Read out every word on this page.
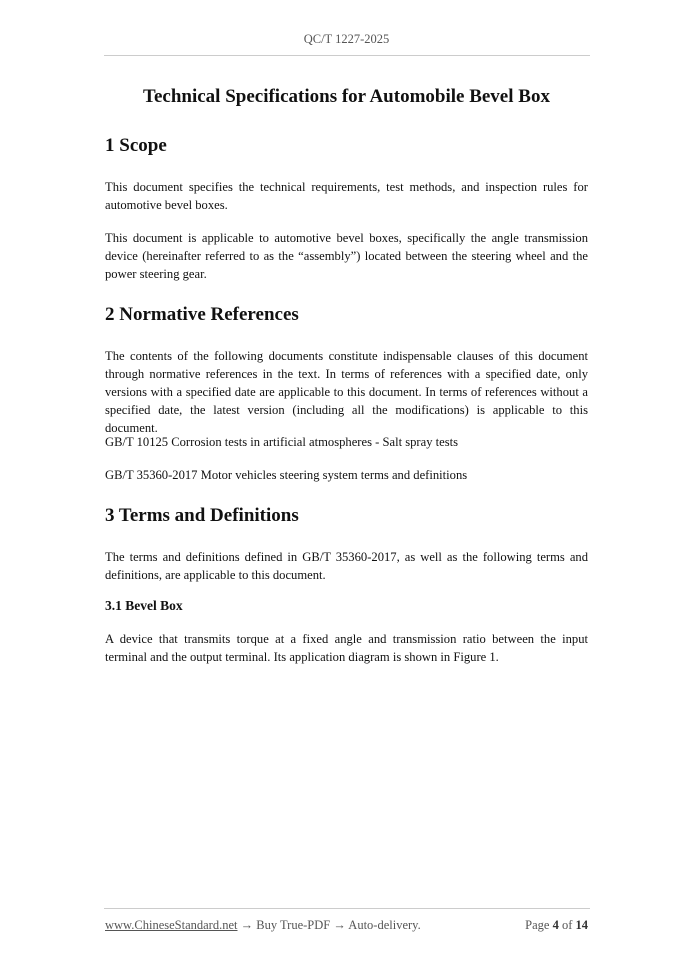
QC/T 1227-2025
Technical Specifications for Automobile Bevel Box
1 Scope
This document specifies the technical requirements, test methods, and inspection rules for automotive bevel boxes.
This document is applicable to automotive bevel boxes, specifically the angle transmission device (hereinafter referred to as the “assembly”) located between the steering wheel and the power steering gear.
2 Normative References
The contents of the following documents constitute indispensable clauses of this document through normative references in the text. In terms of references with a specified date, only versions with a specified date are applicable to this document. In terms of references without a specified date, the latest version (including all the modifications) is applicable to this document.
GB/T 10125 Corrosion tests in artificial atmospheres - Salt spray tests
GB/T 35360-2017 Motor vehicles steering system terms and definitions
3 Terms and Definitions
The terms and definitions defined in GB/T 35360-2017, as well as the following terms and definitions, are applicable to this document.
3.1 Bevel Box
A device that transmits torque at a fixed angle and transmission ratio between the input terminal and the output terminal. Its application diagram is shown in Figure 1.
www.ChineseStandard.net → Buy True-PDF → Auto-delivery.	Page 4 of 14
